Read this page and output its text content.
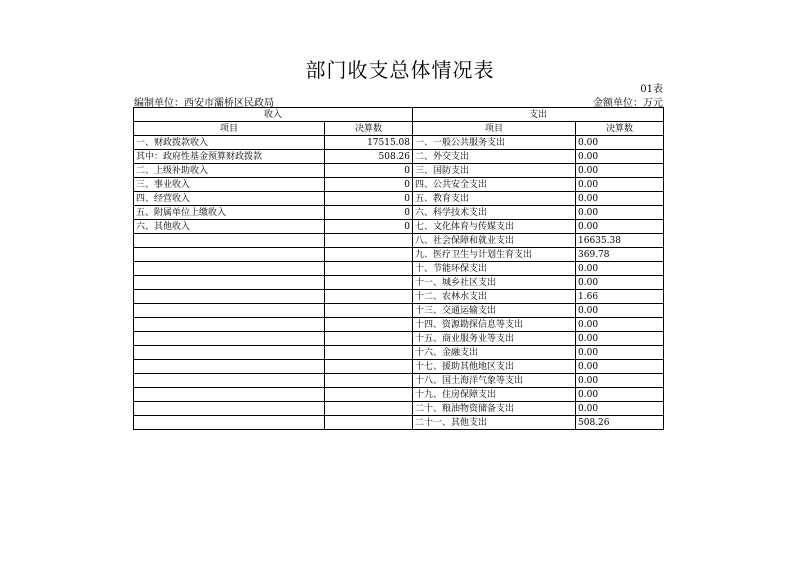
部门收支总体情况表
01表
编制单位：西安市灞桥区民政局	金额单位：万元
收入		支出	
项目	决算数	项目	决算数
一、财政拨款收入	17515.08	一、一般公共服务支出	0.00
其中：政府性基金预算财政拨款	508.26	二、外交支出	0.00
二、上级补助收入	0	三、国防支出	0.00
三、事业收入	0	四、公共安全支出	0.00
四、经营收入	0	五、教育支出	0.00
五、附属单位上缴收入	0	六、科学技术支出	0.00
六、其他收入	0	七、文化体育与传媒支出	0.00
		八、社会保障和就业支出	16635.38
		九、医疗卫生与计划生育支出	369.78
		十、节能环保支出	0.00
		十一、城乡社区支出	0.00
		十二、农林水支出	1.66
		十三、交通运输支出	0.00
		十四、资源勘探信息等支出	0.00
		十五、商业服务业等支出	0.00
		十六、金融支出	0.00
		十七、援助其他地区支出	0.00
		十八、国土海洋气象等支出	0.00
		十九、住房保障支出	0.00
		二十、粮油物资储备支出	0.00
		二十一、其他支出	508.26
